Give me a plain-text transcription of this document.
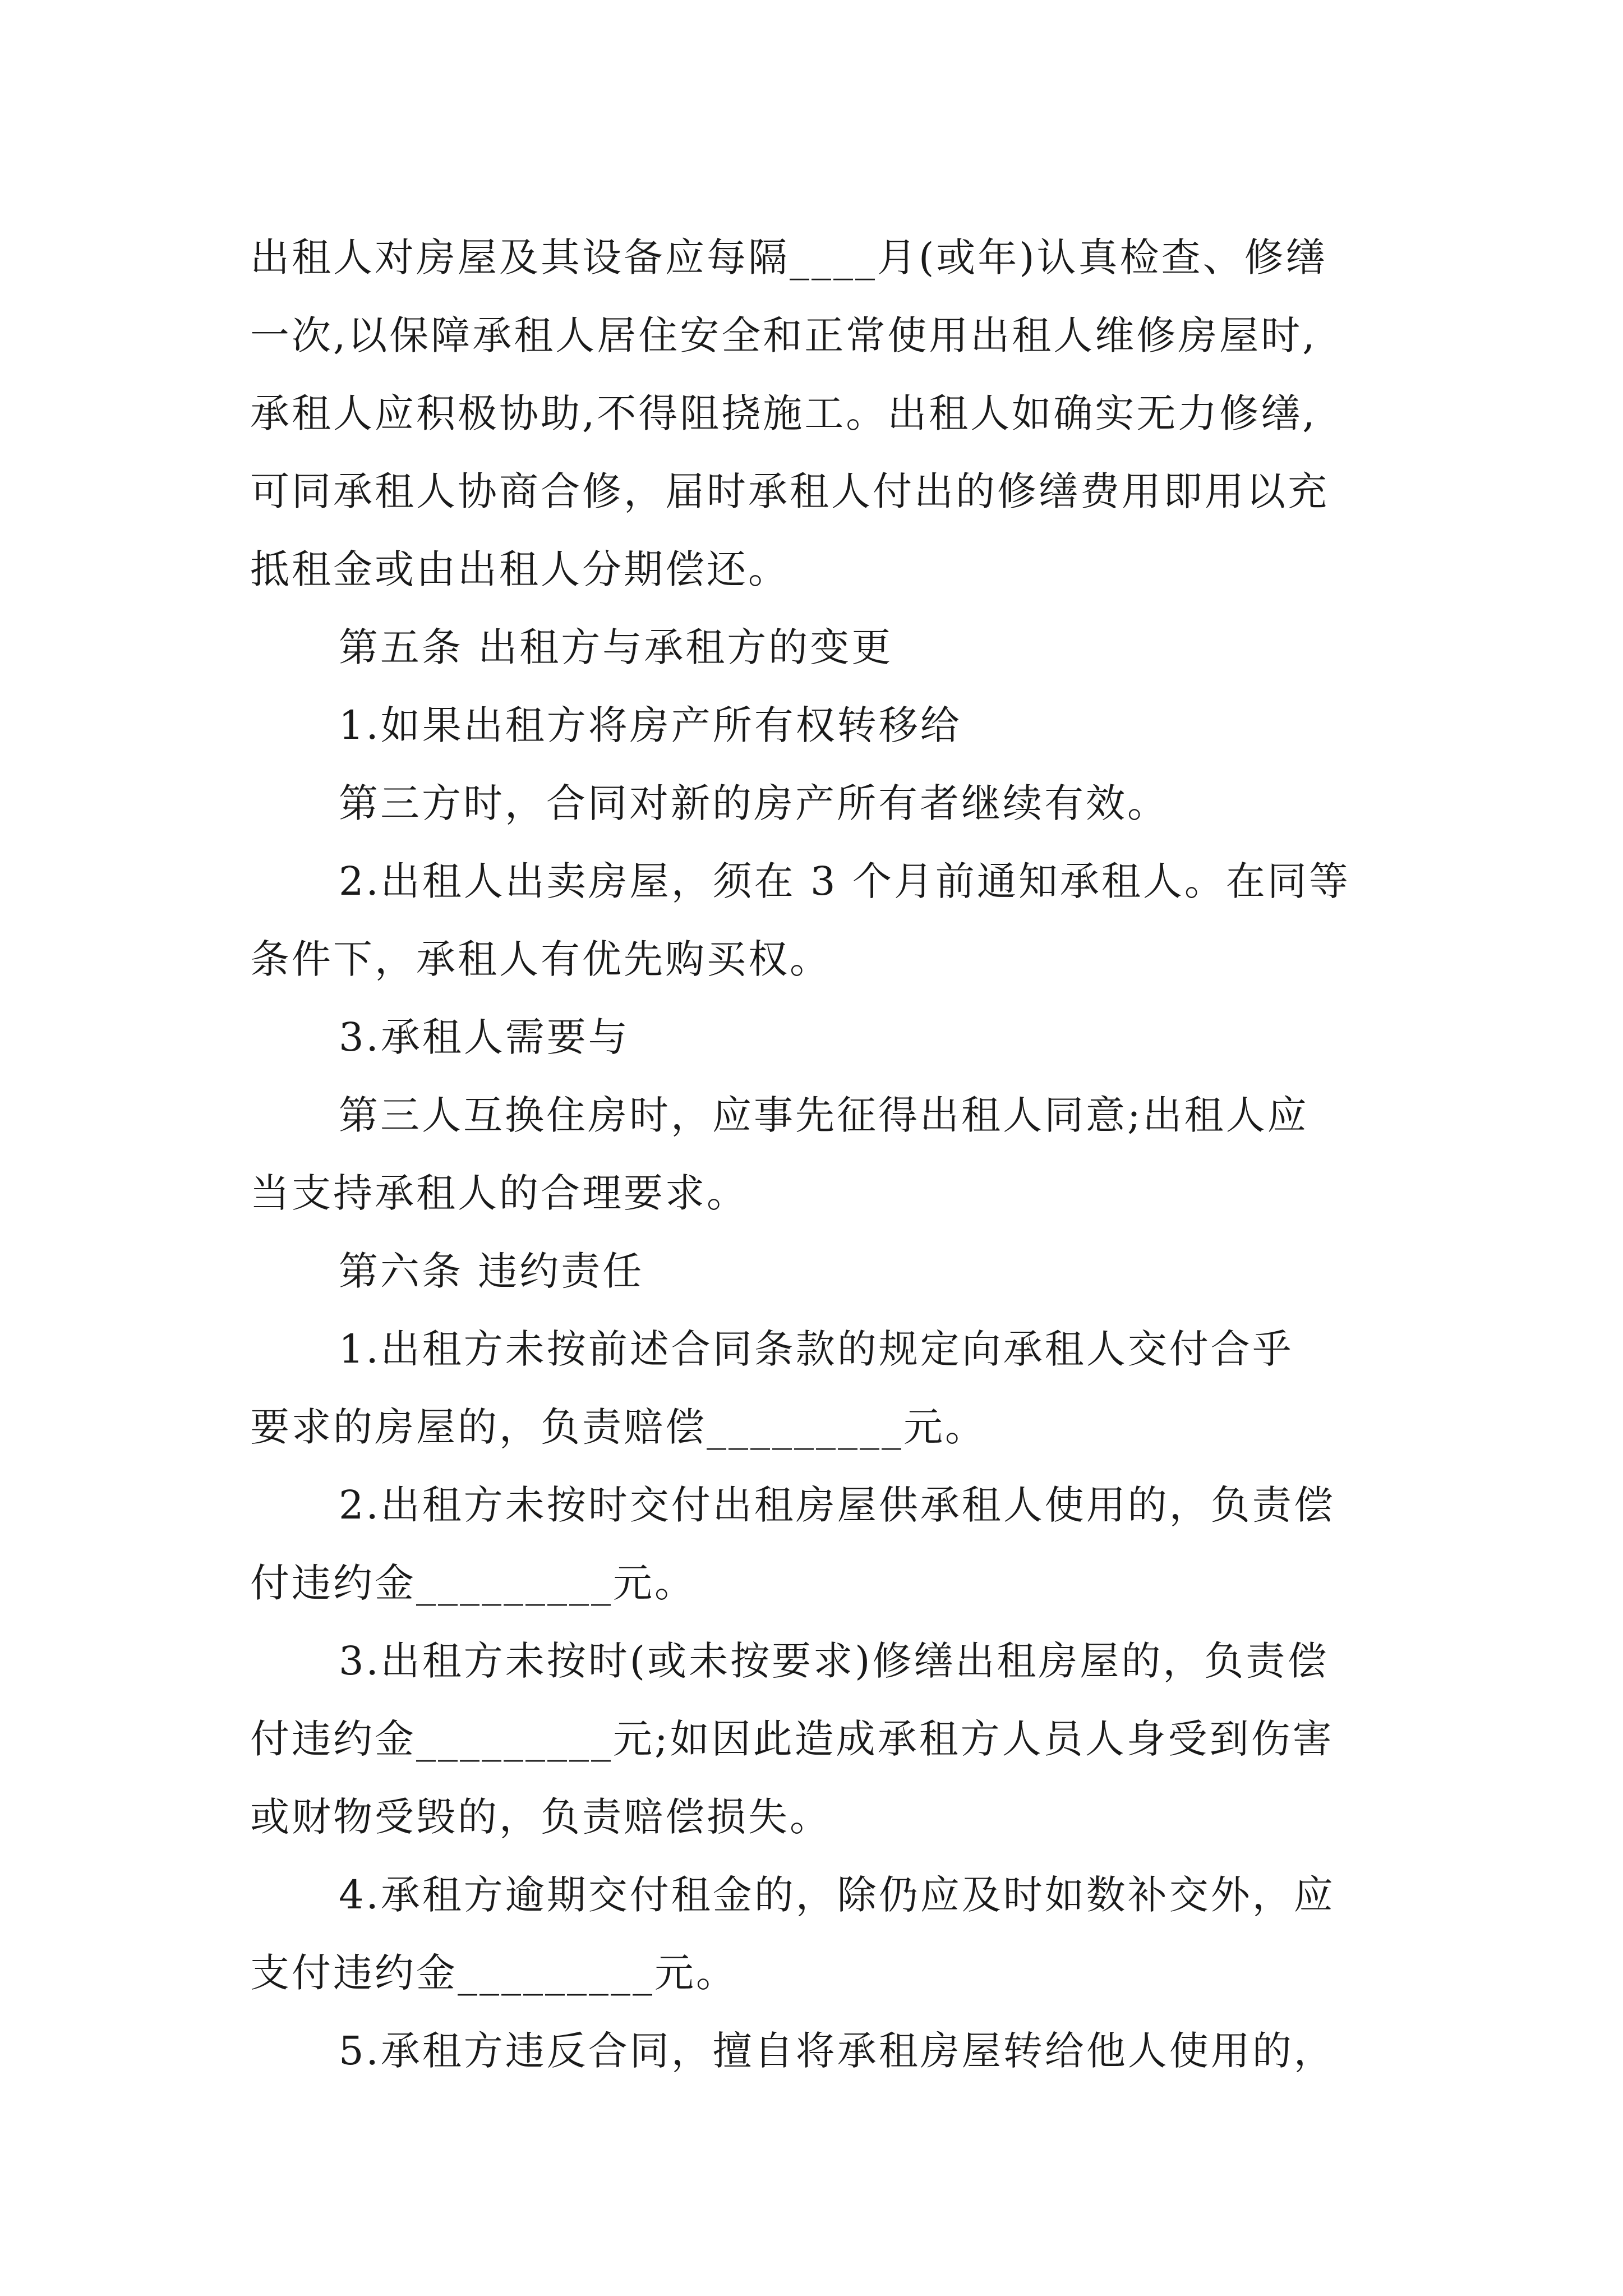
出租人对房屋及其设备应每隔____月(或年)认真检查、修缮
一次,以保障承租人居住安全和正常使用出租人维修房屋时,
承租人应积极协助,不得阻挠施工。出租人如确实无力修缮,
可同承租人协商合修，届时承租人付出的修缮费用即用以充
抵租金或由出租人分期偿还。
第五条 出租方与承租方的变更
1.如果出租方将房产所有权转移给
第三方时，合同对新的房产所有者继续有效。
2.出租人出卖房屋，须在 3 个月前通知承租人。在同等
条件下，承租人有优先购买权。
3.承租人需要与
第三人互换住房时，应事先征得出租人同意;出租人应
当支持承租人的合理要求。
第六条 违约责任
1.出租方未按前述合同条款的规定向承租人交付合乎
要求的房屋的，负责赔偿_________元。
2.出租方未按时交付出租房屋供承租人使用的，负责偿
付违约金_________元。
3.出租方未按时(或未按要求)修缮出租房屋的，负责偿
付违约金_________元;如因此造成承租方人员人身受到伤害
或财物受毁的，负责赔偿损失。
4.承租方逾期交付租金的，除仍应及时如数补交外，应
支付违约金_________元。
5.承租方违反合同，擅自将承租房屋转给他人使用的，
